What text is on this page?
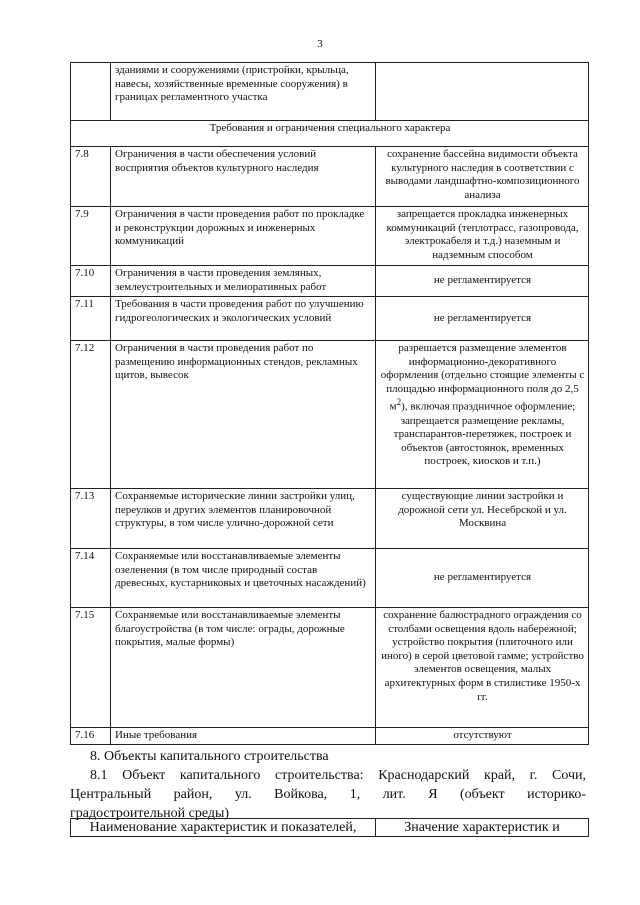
3
	зданиями и сооружениями (пристройки, крыльца, навесы, хозяйственные временные сооружения) в границах регламентного участка	
Требования и ограничения специального характера		
7.8	Ограничения в части обеспечения условий восприятия объектов культурного наследия	сохранение бассейна видимости объекта культурного наследия в соответствии с выводами ландшафтно-композиционного анализа
7.9	Ограничения в части проведения работ по прокладке и реконструкции дорожных и инженерных коммуникаций	запрещается прокладка инженерных коммуникаций (теплотрасс, газопровода, электрокабеля и т.д.) наземным и надземным способом
7.10	Ограничения в части проведения земляных, землеустроительных и мелиоративных работ	не регламентируется
7.11	Требования в части проведения работ по улучшению гидрогеологических и экологических условий	не регламентируется
7.12	Ограничения в части проведения работ по размещению информационных стендов, рекламных щитов, вывесок	разрешается размещение элементов информационно-декоративного оформления (отдельно стоящие элементы с площадью информационного поля до 2,5 $м^2$), включая праздничное оформление; запрещается размещение рекламы, транспарантов-перетяжек, построек и объектов (автостоянок, временных построек, киосков и т.п.)
7.13	Сохраняемые исторические линии застройки улиц, переулков и других элементов планировочной структуры, в том числе улично-дорожной сети	существующие линии застройки и дорожной сети ул. Несебрской и ул. Москвина
7.14	Сохраняемые или восстанавливаемые элементы озеленения (в том числе природный состав древесных, кустарниковых и цветочных насаждений)	не регламентируется
7.15	Сохраняемые или восстанавливаемые элементы благоустройства (в том числе: ограды, дорожные покрытия, малые формы)	сохранение балюстрадного ограждения со столбами освещения вдоль набережной; устройство покрытия (плиточного или иного) в серой цветовой гамме; устройство элементов освещения, малых архитектурных форм в стилистике 1950-х гг.
7.16	Иные требования	отсутствуют
8. Объекты капитального строительства
8.1 Объект капитального строительства: Краснодарский край, г. Сочи,
Центральный район, ул. Войкова, 1, лит. Я (объект историко-
градостроительной среды)
Наименование характеристик и показателей,	Значение характеристик и
